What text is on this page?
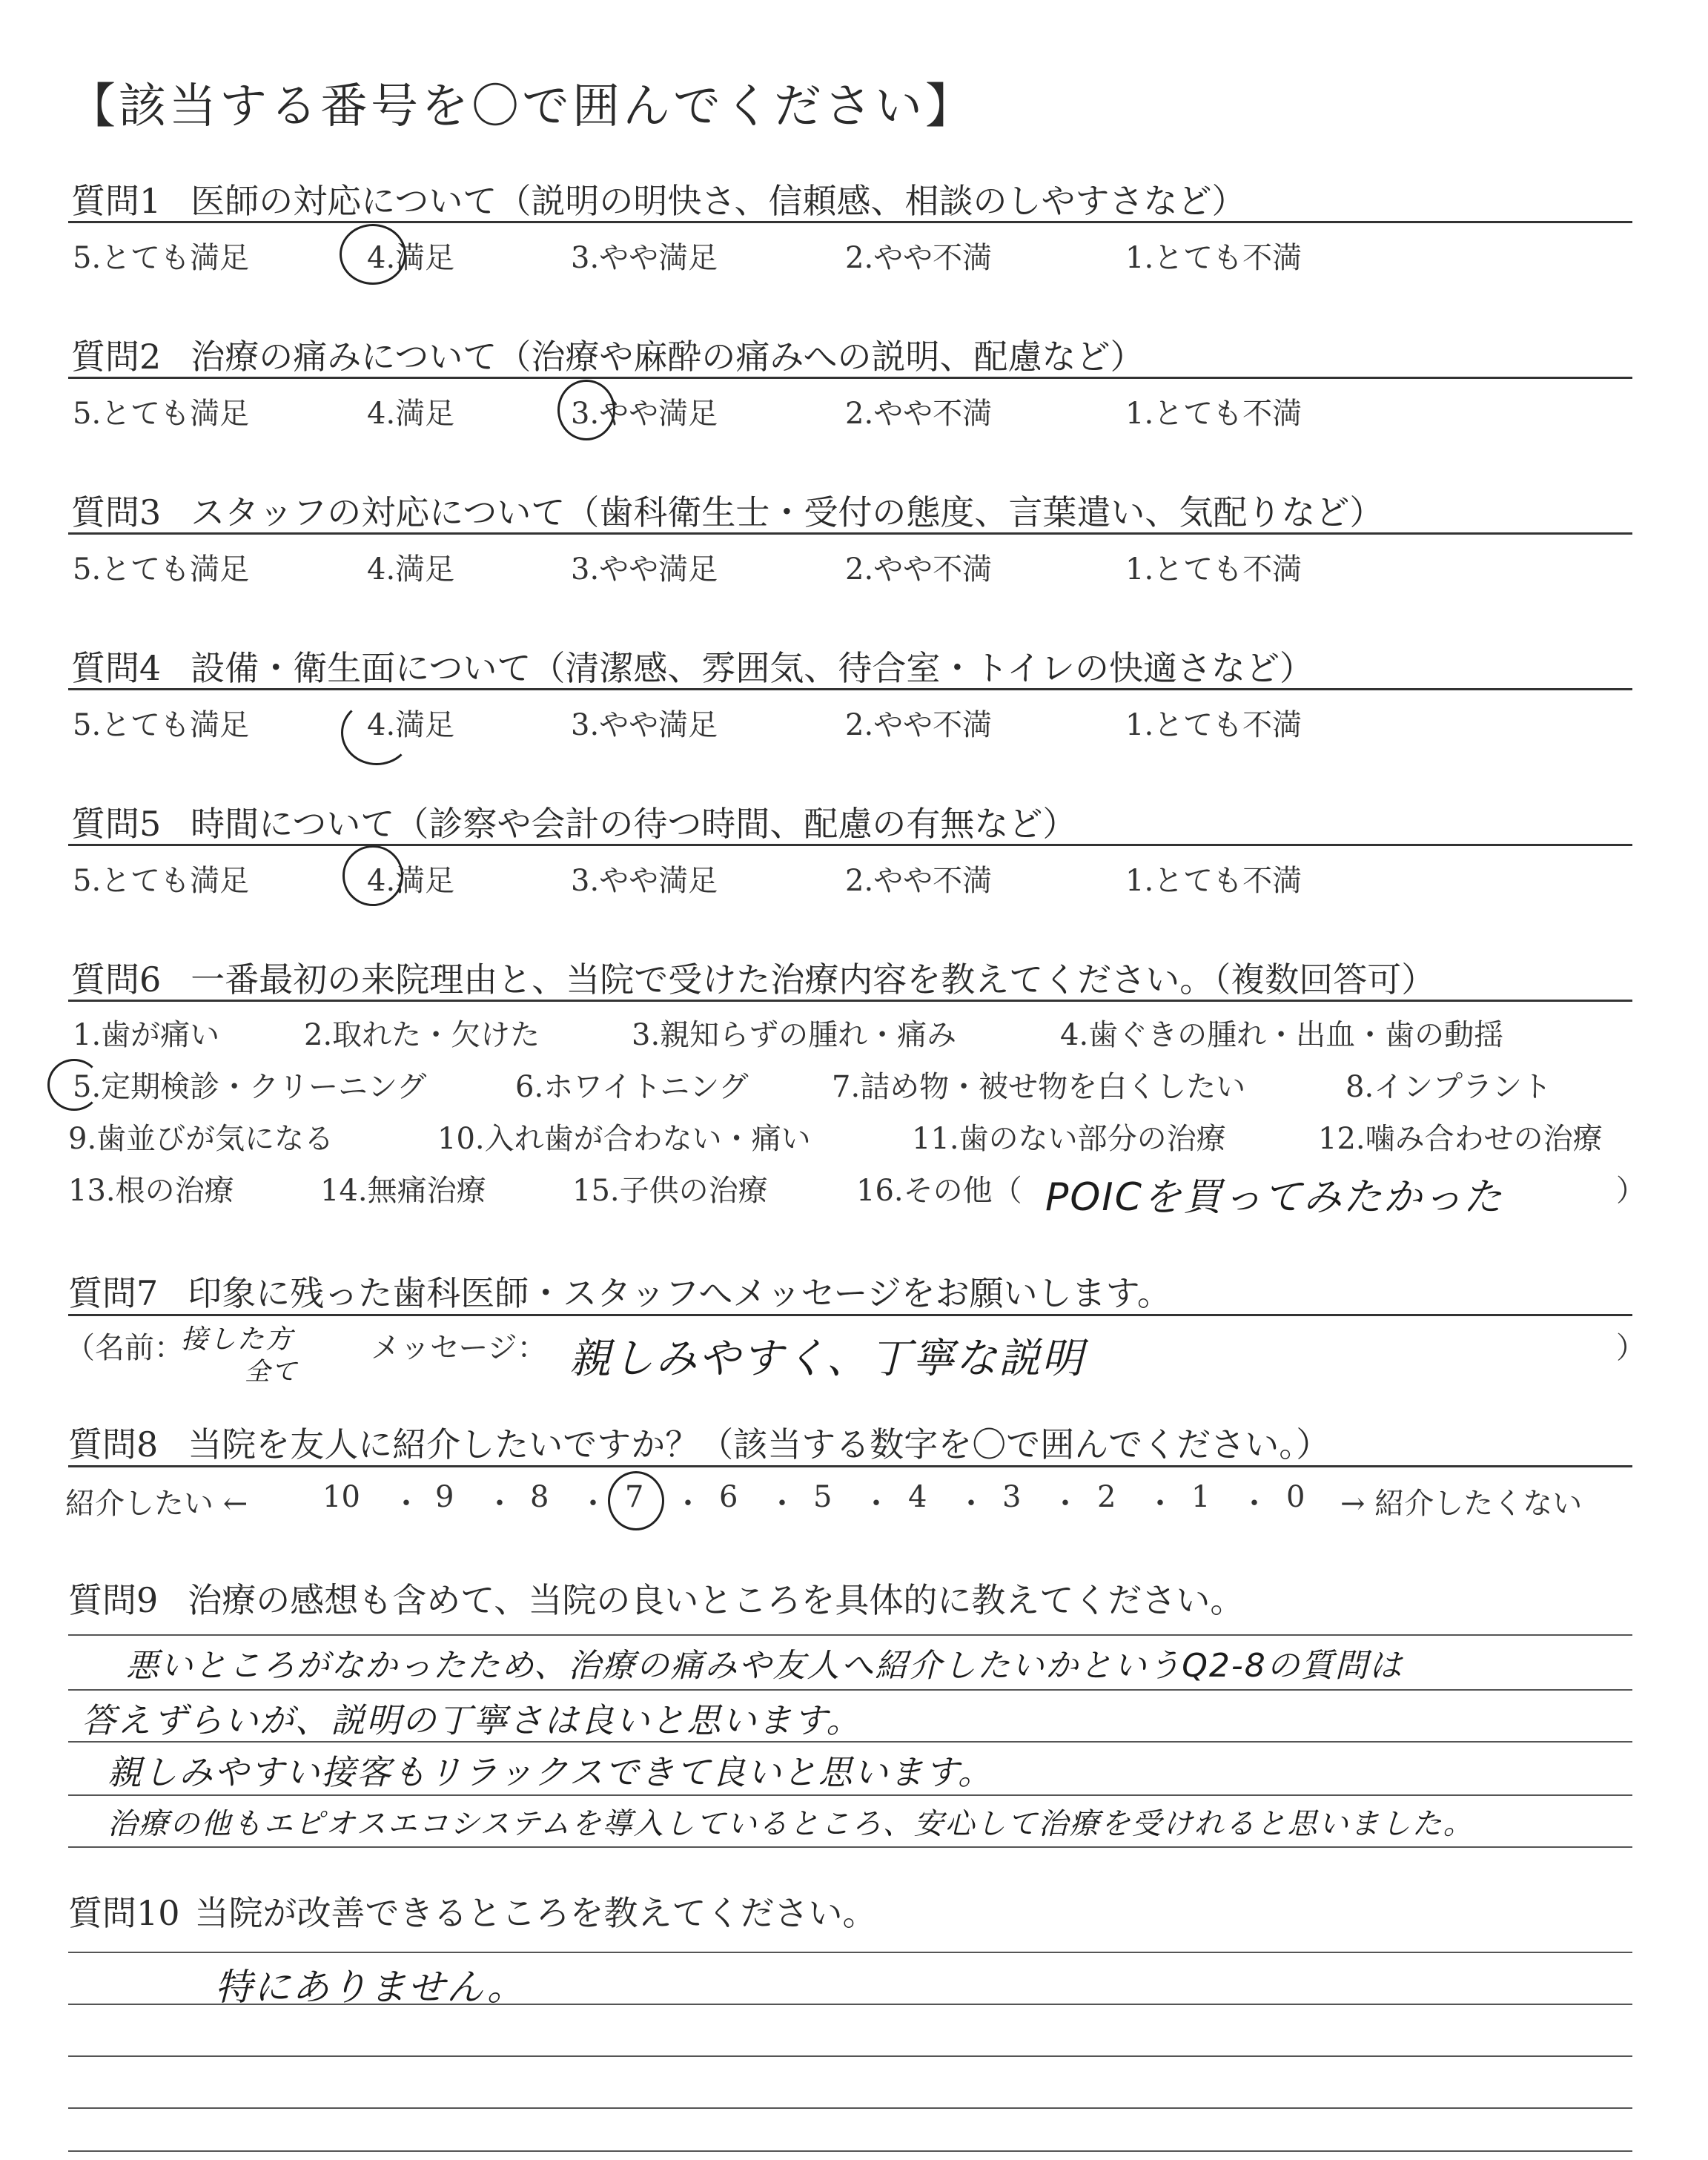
【該当する番号を〇で囲んでください】
質問1 医師の対応について（説明の明快さ、信頼感、相談のしやすさなど）
5.とても満足	4.満足	3.やや満足	2.やや不満	1.とても不満
質問2 治療の痛みについて（治療や麻酔の痛みへの説明、配慮など）
5.とても満足	4.満足	3.やや満足	2.やや不満	1.とても不満
質問3 スタッフの対応について（歯科衛生士・受付の態度、言葉遣い、気配りなど）
5.とても満足	4.満足	3.やや満足	2.やや不満	1.とても不満
質問4 設備・衛生面について（清潔感、雰囲気、待合室・トイレの快適さなど）
5.とても満足	4.満足	3.やや満足	2.やや不満	1.とても不満
質問5 時間について（診察や会計の待つ時間、配慮の有無など）
5.とても満足	4.満足	3.やや満足	2.やや不満	1.とても不満
質問6 一番最初の来院理由と、当院で受けた治療内容を教えてください。（複数回答可）
1.歯が痛い	2.取れた・欠けた	3.親知らずの腫れ・痛み	4.歯ぐきの腫れ・出血・歯の動揺
5.定期検診・クリーニング	6.ホワイトニング	7.詰め物・被せ物を白くしたい	8.インプラント
9.歯並びが気になる	10.入れ歯が合わない・痛い	11.歯のない部分の治療	12.噛み合わせの治療
13.根の治療	14.無痛治療	15.子供の治療	16.その他（ POICを買ってみたかった	）
質問7 印象に残った歯科医師・スタッフへメッセージをお願いします。
（名前：
接した方
全て
メッセージ： 親しみやすく、丁寧な説明	）
質問8 当院を友人に紹介したいですか？（該当する数字を〇で囲んでください。）
紹介したい ←	10 ・ 9 ・ 8 ・ 7 ・ 6 ・ 5 ・ 4 ・ 3 ・ 2 ・ 1 ・ 0 → 紹介したくない
質問9 治療の感想も含めて、当院の良いところを具体的に教えてください。
悪いところがなかったため、治療の痛みや友人へ紹介したいかというQ2-8の質問は
答えずらいが、説明の丁寧さは良いと思います。
親しみやすい接客もリラックスできて良いと思います。
治療の他もエピオスエコシステムを導入しているところ、安心して治療を受けれると思いました。
質問10 当院が改善できるところを教えてください。
特にありません。
